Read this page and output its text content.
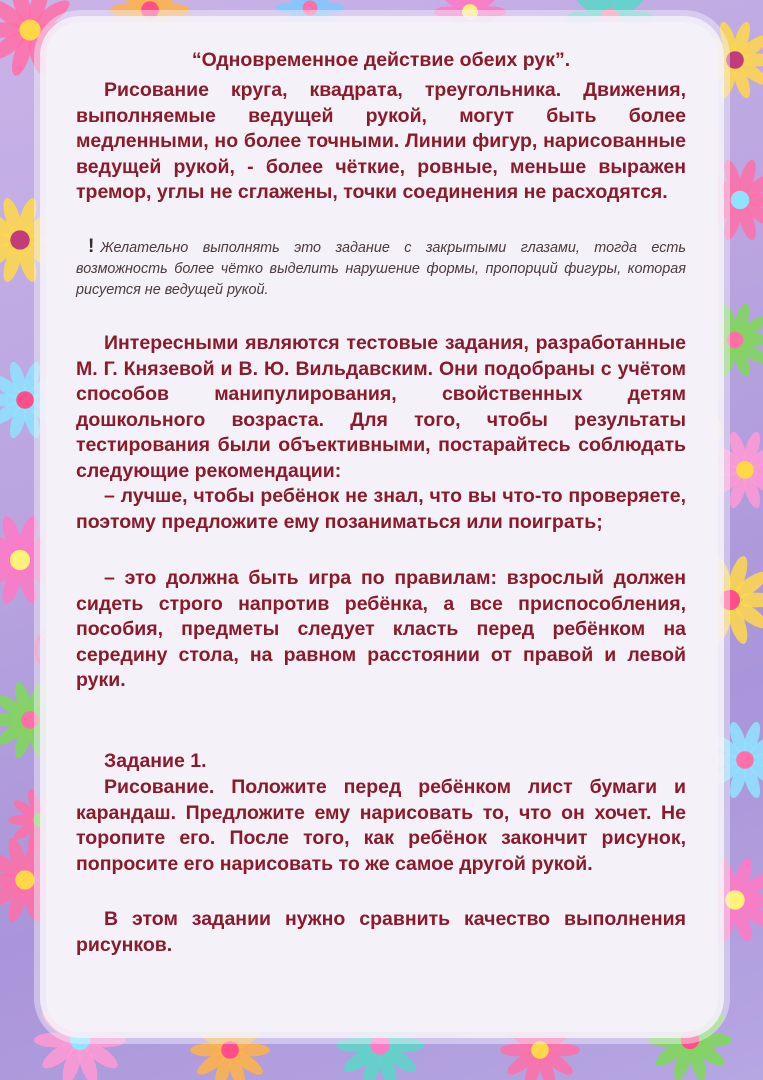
“Одновременное действие обеих рук”.

Рисование круга, квадрата, треугольника. Движения, выполняемые ведущей рукой, могут быть более медленными, но более точными. Линии фигур, нарисованные ведущей рукой, - более чёткие, ровные, меньше выражен тремор, углы не сглажены, точки соединения не расходятся.

! Желательно выполнять это задание с закрытыми глазами, тогда есть возможность более чётко выделить нарушение формы, пропорций фигуры, которая рисуется не ведущей рукой.

Интересными являются тестовые задания, разработанные М. Г. Князевой и В. Ю. Вильдавским. Они подобраны с учётом способов манипулирования, свойственных детям дошкольного возраста. Для того, чтобы результаты тестирования были объективными, постарайтесь соблюдать следующие рекомендации:

– лучше, чтобы ребёнок не знал, что вы что-то проверяете, поэтому предложите ему позаниматься или поиграть;

– это должна быть игра по правилам: взрослый должен сидеть строго напротив ребёнка, а все приспособления, пособия, предметы следует класть перед ребёнком на середину стола, на равном расстоянии от правой и левой руки.

Задание 1.

Рисование. Положите перед ребёнком лист бумаги и карандаш. Предложите ему нарисовать то, что он хочет. Не торопите его. После того, как ребёнок закончит рисунок, попросите его нарисовать то же самое другой рукой.

В этом задании нужно сравнить качество выполнения рисунков.
